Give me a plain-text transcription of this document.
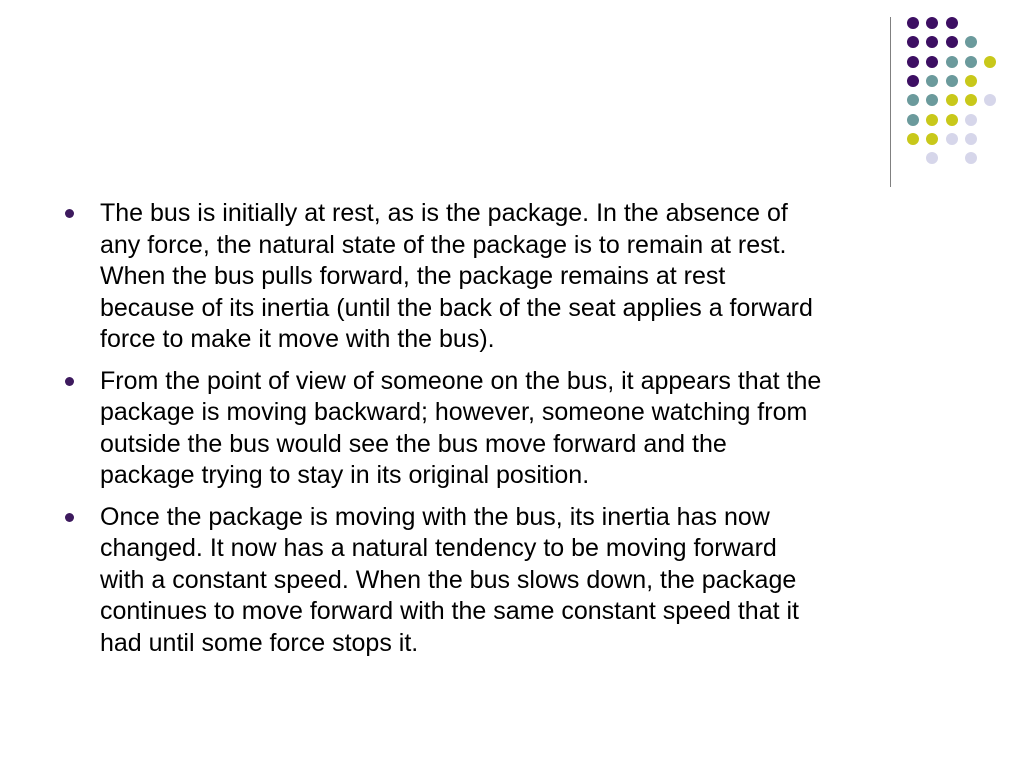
The bus is initially at rest, as is the package. In the absence of
any force, the natural state of the package is to remain at rest.
When the bus pulls forward, the package remains at rest
because of its inertia (until the back of the seat applies a forward
force to make it move with the bus).
From the point of view of someone on the bus, it appears that the
package is moving backward; however, someone watching from
outside the bus would see the bus move forward and the
package trying to stay in its original position.
Once the package is moving with the bus, its inertia has now
changed. It now has a natural tendency to be moving forward
with a constant speed. When the bus slows down, the package
continues to move forward with the same constant speed that it
had until some force stops it.
